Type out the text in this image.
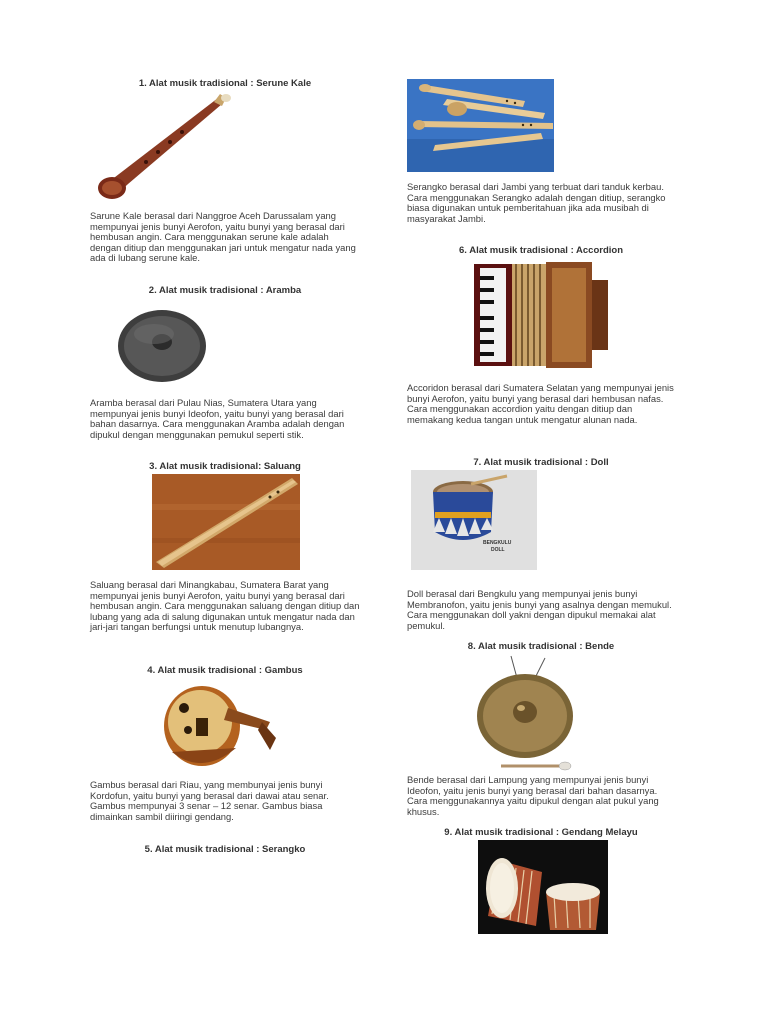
1. Alat musik tradisional : Serune Kale

Sarune Kale berasal dari Nanggroe Aceh Darussalam yang mempunyai jenis bunyi Aerofon, yaitu bunyi yang berasal dari hembusan angin. Cara menggunakan serune kale adalah dengan ditiup dan menggunakan jari untuk mengatur nada yang ada di lubang serune kale.

2. Alat musik tradisional : Aramba

Aramba berasal dari Pulau Nias, Sumatera Utara yang mempunyai jenis bunyi Ideofon, yaitu bunyi yang berasal dari bahan dasarnya. Cara menggunakan Aramba adalah dengan dipukul dengan menggunakan pemukul seperti stik.

3. Alat musik tradisional: Saluang

Saluang berasal dari Minangkabau, Sumatera Barat yang mempunyai jenis bunyi Aerofon, yaitu bunyi yang berasal dari hembusan angin. Cara menggunakan saluang dengan ditiup dan lubang yang ada di salung digunakan untuk mengatur nada dan jari-jari tangan berfungsi untuk menutup lubangnya.

4. Alat musik tradisional : Gambus

Gambus berasal dari Riau, yang membunyai jenis bunyi Kordofun, yaitu bunyi yang berasal dari dawai atau senar. Gambus mempunyai 3 senar – 12 senar. Gambus biasa dimainkan sambil diiringi gendang.

5. Alat musik tradisional : Serangko

Serangko berasal dari Jambi yang terbuat dari tanduk kerbau. Cara menggunakan Serangko adalah dengan ditiup, serangko biasa digunakan untuk pemberitahuan jika ada musibah di masyarakat Jambi.

6. Alat musik tradisional : Accordion

Accoridon berasal dari Sumatera Selatan yang mempunyai jenis bunyi Aerofon, yaitu bunyi yang berasal dari hembusan nafas. Cara menggunakan accordion yaitu dengan ditiup dan memakang kedua tangan untuk mengatur alunan nada.

7. Alat musik tradisional : Doll

BENGKULU
DOLL

Doll berasal dari Bengkulu yang mempunyai jenis bunyi Membranofon, yaitu jenis bunyi yang asalnya dengan memukul. Cara menggunakan doll yakni dengan dipukul memakai alat pemukul.

8. Alat musik tradisional : Bende

Bende berasal dari Lampung yang mempunyai jenis bunyi Ideofon, yaitu jenis bunyi yang berasal dari bahan dasarnya. Cara menggunakannya yaitu dipukul dengan alat pukul yang khusus.

9. Alat musik tradisional : Gendang Melayu
